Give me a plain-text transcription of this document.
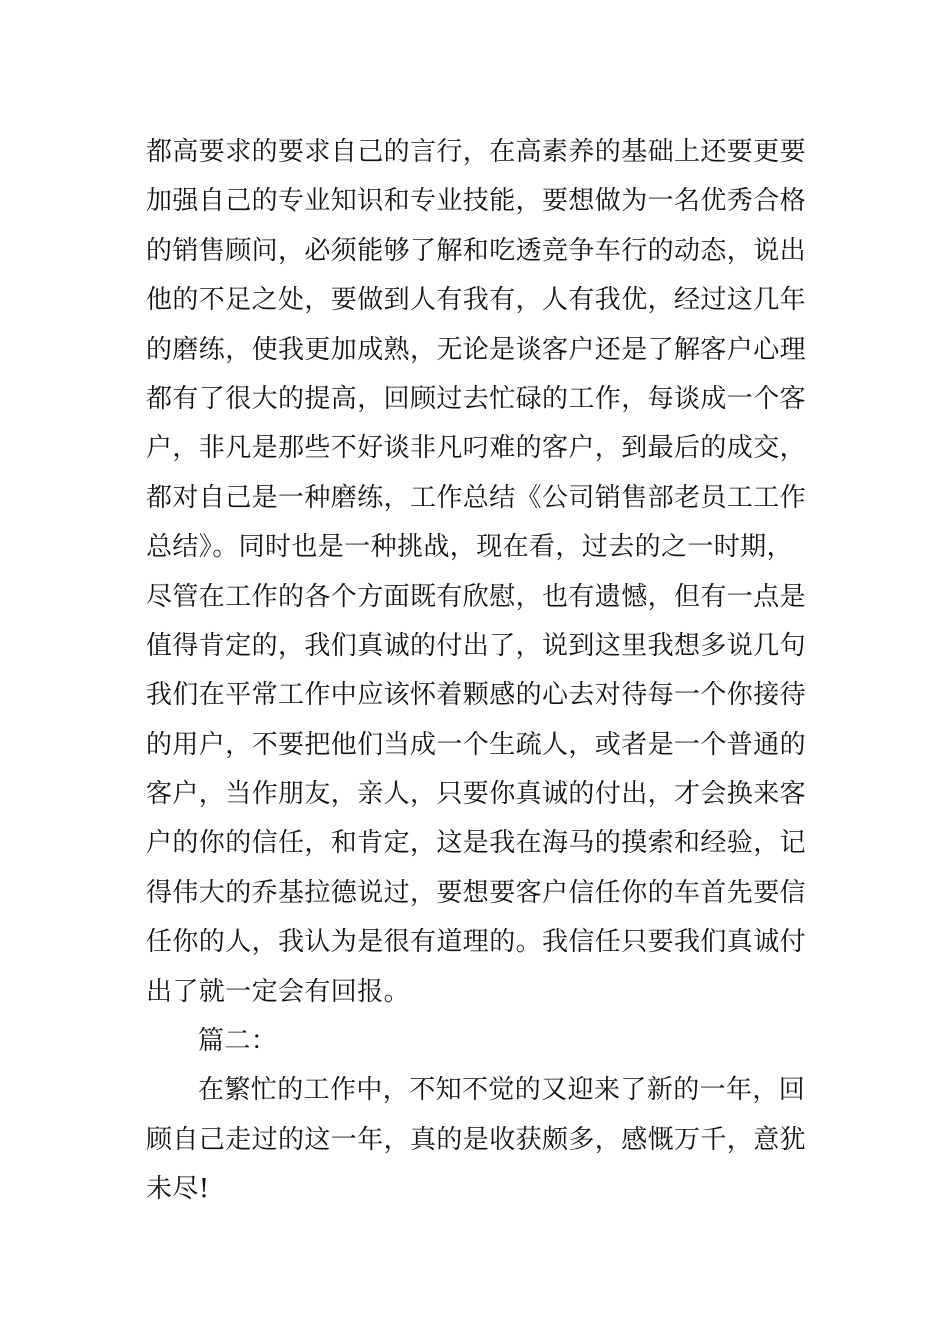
都高要求的要求自己的言行，在高素养的基础上还要更要
加强自己的专业知识和专业技能，要想做为一名优秀合格
的销售顾问，必须能够了解和吃透竞争车行的动态，说出
他的不足之处，要做到人有我有，人有我优，经过这几年
的磨练，使我更加成熟，无论是谈客户还是了解客户心理
都有了很大的提高，回顾过去忙碌的工作，每谈成一个客
户，非凡是那些不好谈非凡叼难的客户，到最后的成交，
都对自己是一种磨练，工作总结《公司销售部老员工工作
总结》。同时也是一种挑战，现在看，过去的之一时期，
尽管在工作的各个方面既有欣慰，也有遗憾，但有一点是
值得肯定的，我们真诚的付出了，说到这里我想多说几句
我们在平常工作中应该怀着颗感的心去对待每一个你接待
的用户，不要把他们当成一个生疏人，或者是一个普通的
客户，当作朋友，亲人，只要你真诚的付出，才会换来客
户的你的信任，和肯定，这是我在海马的摸索和经验，记
得伟大的乔基拉德说过，要想要客户信任你的车首先要信
任你的人，我认为是很有道理的。我信任只要我们真诚付
出了就一定会有回报。
篇二：
在繁忙的工作中，不知不觉的又迎来了新的一年，回
顾自己走过的这一年，真的是收获颇多，感慨万千，意犹
未尽!
